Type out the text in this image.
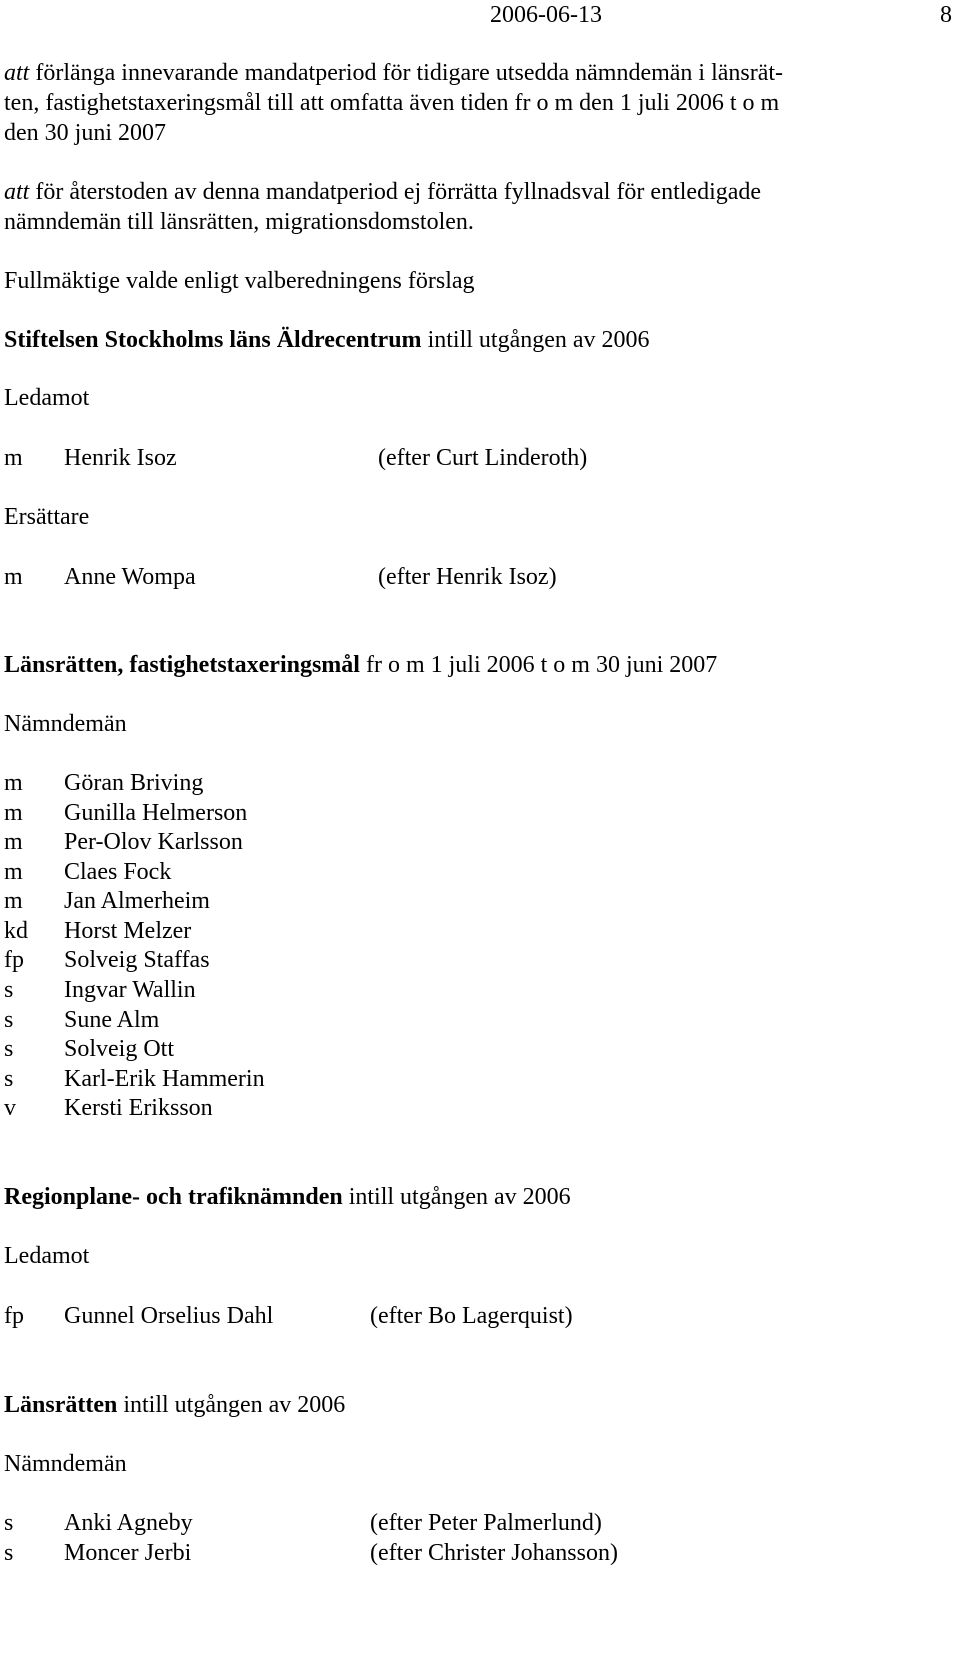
2006-06-13	8
att förlänga innevarande mandatperiod för tidigare utsedda nämndemän i länsrät-
ten, fastighetstaxeringsmål till att omfatta även tiden fr o m den 1 juli 2006 t o m
den 30 juni 2007
att för återstoden av denna mandatperiod ej förrätta fyllnadsval för entledigade
nämndemän till länsrätten, migrationsdomstolen.
Fullmäktige valde enligt valberedningens förslag
Stiftelsen Stockholms läns Äldrecentrum intill utgången av 2006
Ledamot
m Henrik Isoz	(efter Curt Linderoth)
Ersättare
m Anne Wompa	(efter Henrik Isoz)
Länsrätten, fastighetstaxeringsmål fr o m 1 juli 2006 t o m 30 juni 2007
Nämndemän
m Göran Briving
m Gunilla Helmerson
m Per-Olov Karlsson
m Claes Fock
m Jan Almerheim
kd Horst Melzer
fp Solveig Staffas
s Ingvar Wallin
s Sune Alm
s Solveig Ott
s Karl-Erik Hammerin
v Kersti Eriksson
Regionplane- och trafiknämnden intill utgången av 2006
Ledamot
fp Gunnel Orselius Dahl	(efter Bo Lagerquist)
Länsrätten intill utgången av 2006
Nämndemän
s Anki Agneby	(efter Peter Palmerlund)
s Moncer Jerbi	(efter Christer Johansson)
